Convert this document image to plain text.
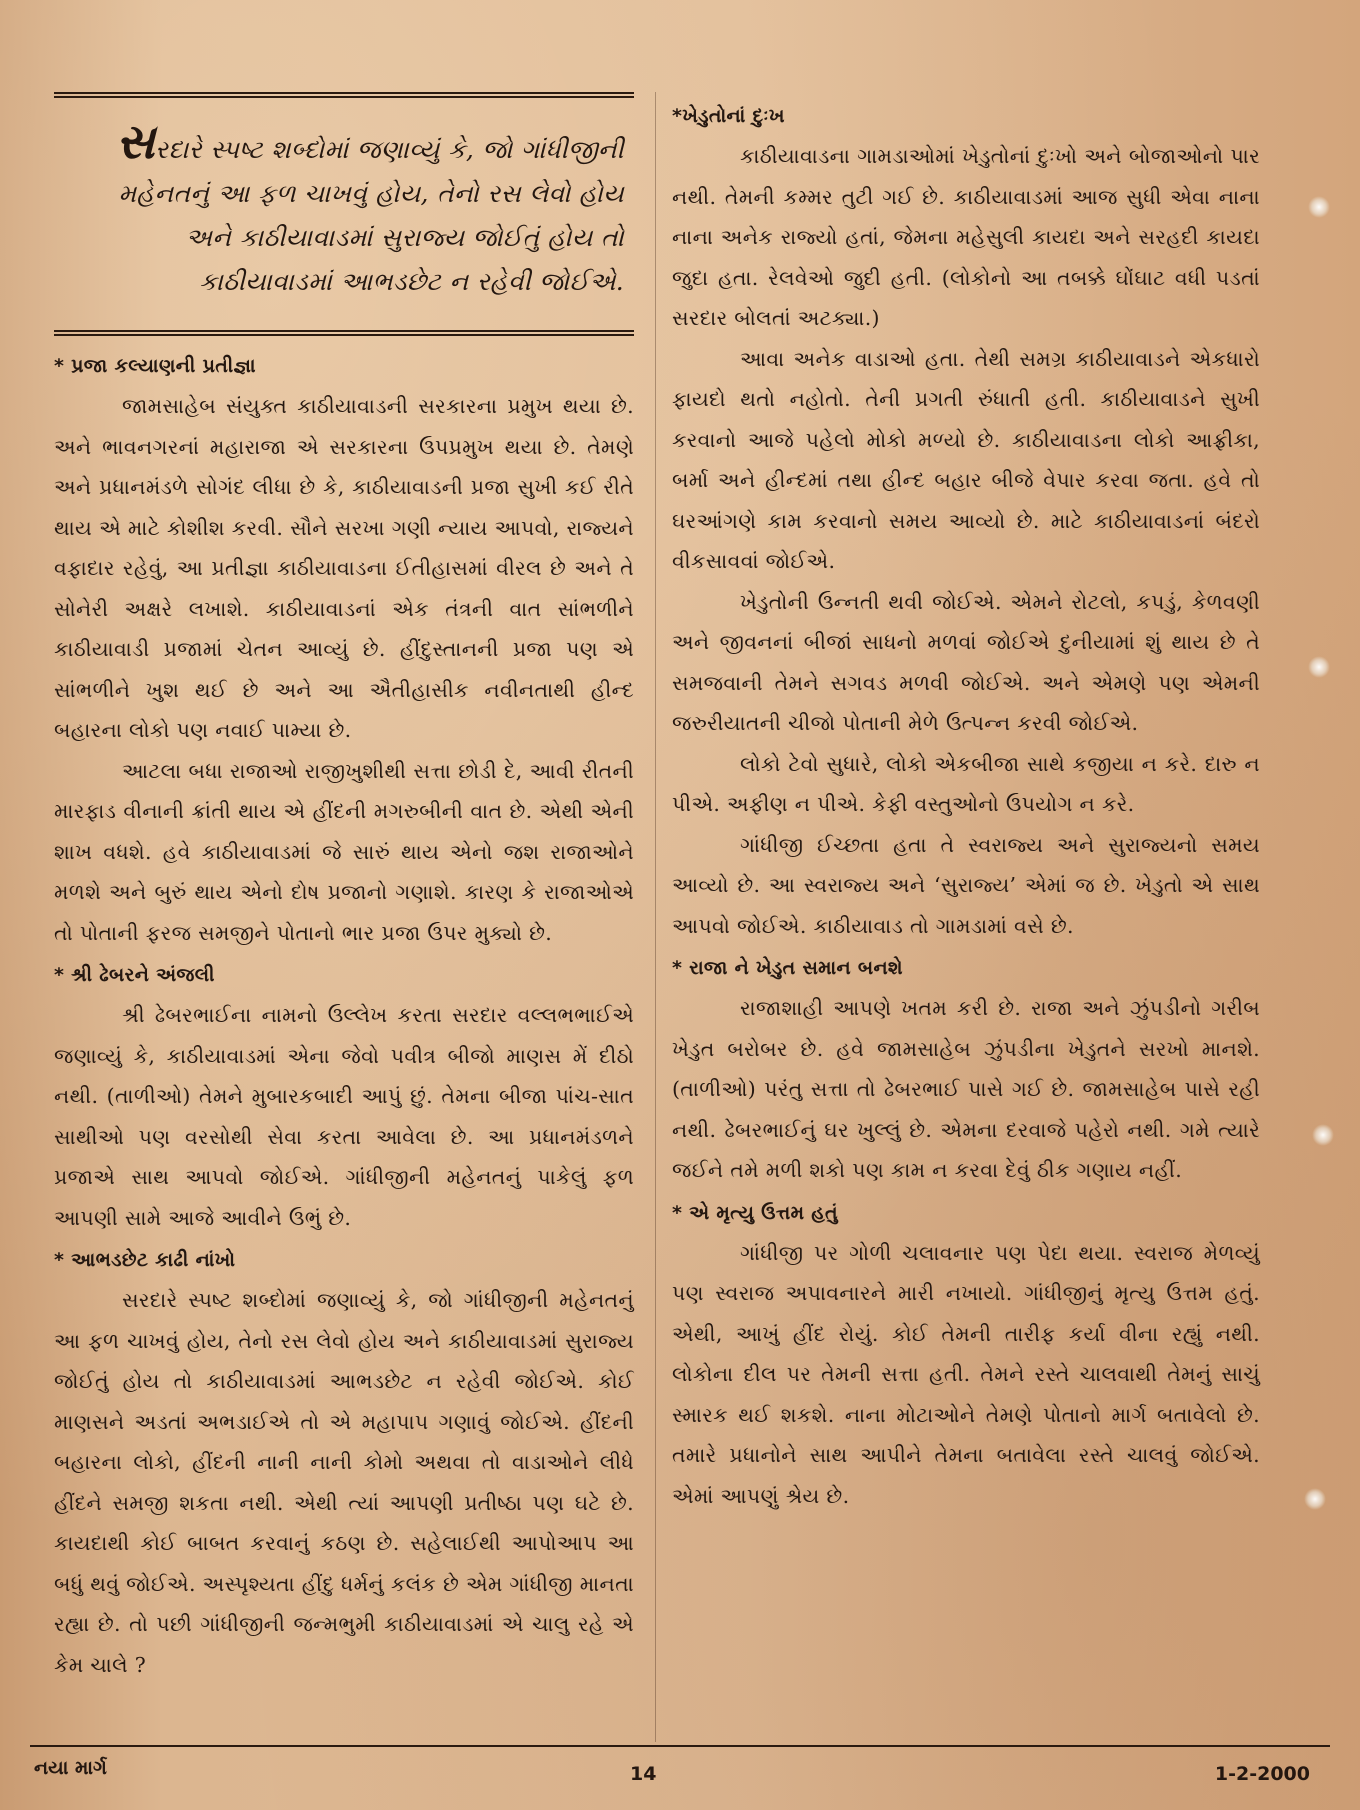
સરદારે સ્પષ્ટ શબ્દોમાં જણાવ્યું કે, જો ગાંધીજીની મહેનતનું આ ફળ ચાખવું હોય, તેનો રસ લેવો હોય અને કાઠીયાવાડમાં સુરાજ્ય જોઈતું હોય તો કાઠીયાવાડમાં આભડછેટ ન રહેવી જોઈએ.
* પ્રજા કલ્યાણની પ્રતીજ્ઞા

જામસાહેબ સંયુક્ત કાઠીયાવાડની સરકારના પ્રમુખ થયા છે. અને ભાવનગરનાં મહારાજા એ સરકારના ઉપપ્રમુખ થયા છે. તેમણે અને પ્રધાનમંડળે સોગંદ લીધા છે કે, કાઠીયાવાડની પ્રજા સુખી કઈ રીતે થાય એ માટે કોશીશ કરવી. સૌને સરખા ગણી ન્યાય આપવો, રાજ્યને વફાદાર રહેવું, આ પ્રતીજ્ઞા કાઠીયાવાડના ઈતીહાસમાં વીરલ છે અને તે સોનેરી અક્ષરે લખાશે. કાઠીયાવાડનાં એક તંત્રની વાત સાંભળીને કાઠીયાવાડી પ્રજામાં ચેતન આવ્યું છે. હીંદુસ્તાનની પ્રજા પણ એ સાંભળીને ખુશ થઈ છે અને આ ઐતીહાસીક નવીનતાથી હીન્દ બહારના લોકો પણ નવાઈ પામ્યા છે.

આટલા બધા રાજાઓ રાજીખુશીથી સત્તા છોડી દે, આવી રીતની મારફાડ વીનાની ક્રાંતી થાય એ હીંદની મગરુબીની વાત છે. એથી એની શાખ વધશે. હવે કાઠીયાવાડમાં જે સારું થાય એનો જશ રાજાઓને મળશે અને બુરું થાય એનો દોષ પ્રજાનો ગણાશે. કારણ કે રાજાઓએ તો પોતાની ફરજ સમજીને પોતાનો ભાર પ્રજા ઉપર મુક્યો છે.

* શ્રી ઢેબરને અંજલી

શ્રી ઢેબરભાઈના નામનો ઉલ્લેખ કરતા સરદાર વલ્લભભાઈએ જણાવ્યું કે, કાઠીયાવાડમાં એના જેવો પવીત્ર બીજો માણસ મેં દીઠો નથી. (તાળીઓ) તેમને મુબારકબાદી આપું છું. તેમના બીજા પાંચ-સાત સાથીઓ પણ વરસોથી સેવા કરતા આવેલા છે. આ પ્રધાનમંડળને પ્રજાએ સાથ આપવો જોઈએ. ગાંધીજીની મહેનતનું પાકેલું ફળ આપણી સામે આજે આવીને ઉભું છે.

* આભડછેટ કાઢી નાંખો

સરદારે સ્પષ્ટ શબ્દોમાં જણાવ્યું કે, જો ગાંધીજીની મહેનતનું આ ફળ ચાખવું હોય, તેનો રસ લેવો હોય અને કાઠીયાવાડમાં સુરાજ્ય જોઈતું હોય તો કાઠીયાવાડમાં આભડછેટ ન રહેવી જોઈએ. કોઈ માણસને અડતાં અભડાઈએ તો એ મહાપાપ ગણાવું જોઈએ. હીંદની બહારના લોકો, હીંદની નાની નાની કોમો અથવા તો વાડાઓને લીધે હીંદને સમજી શકતા નથી. એથી ત્યાં આપણી પ્રતીષ્ઠા પણ ઘટે છે. કાયદાથી કોઈ બાબત કરવાનું કઠણ છે. સહેલાઈથી આપોઆપ આ બધું થવું જોઈએ. અસ્પૃશ્યતા હીંદુ ધર્મનું કલંક છે એમ ગાંધીજી માનતા રહ્યા છે. તો પછી ગાંધીજીની જન્મભુમી કાઠીયાવાડમાં એ ચાલુ રહે એ કેમ ચાલે ?

*ખેડુતોનાં દુઃખ

કાઠીયાવાડના ગામડાઓમાં ખેડુતોનાં દુઃખો અને બોજાઓનો પાર નથી. તેમની કમ્મર તુટી ગઈ છે. કાઠીયાવાડમાં આજ સુધી એવા નાના નાના અનેક રાજ્યો હતાં, જેમના મહેસુલી કાયદા અને સરહદી કાયદા જુદા હતા. રેલવેઓ જુદી હતી. (લોકોનો આ તબક્કે ઘોંઘાટ વધી પડતાં સરદાર બોલતાં અટક્યા.)

આવા અનેક વાડાઓ હતા. તેથી સમગ્ર કાઠીયાવાડને એકધારો ફાયદો થતો નહોતો. તેની પ્રગતી રુંધાતી હતી. કાઠીયાવાડને સુખી કરવાનો આજે પહેલો મોકો મળ્યો છે. કાઠીયાવાડના લોકો આફ્રીકા, બર્મા અને હીન્દમાં તથા હીન્દ બહાર બીજે વેપાર કરવા જતા. હવે તો ઘરઆંગણે કામ કરવાનો સમય આવ્યો છે. માટે કાઠીયાવાડનાં બંદરો વીકસાવવાં જોઈએ.

ખેડુતોની ઉન્નતી થવી જોઈએ. એમને રોટલો, કપડું, કેળવણી અને જીવનનાં બીજાં સાધનો મળવાં જોઈએ દુનીયામાં શું થાય છે તે સમજવાની તેમને સગવડ મળવી જોઈએ. અને એમણે પણ એમની જરુરીયાતની ચીજો પોતાની મેળે ઉત્પન્ન કરવી જોઈએ.

લોકો ટેવો સુધારે, લોકો એકબીજા સાથે કજીયા ન કરે. દારુ ન પીએ. અફીણ ન પીએ. કેફી વસ્તુઓનો ઉપયોગ ન કરે.

ગાંધીજી ઈચ્છતા હતા તે સ્વરાજ્ય અને સુરાજ્યનો સમય આવ્યો છે. આ સ્વરાજ્ય અને ‘સુરાજ્ય’ એમાં જ છે. ખેડુતો એ સાથ આપવો જોઈએ. કાઠીયાવાડ તો ગામડામાં વસે છે.

* રાજા ને ખેડુત સમાન બનશે

રાજાશાહી આપણે ખતમ કરી છે. રાજા અને ઝુંપડીનો ગરીબ ખેડુત બરોબર છે. હવે જામસાહેબ ઝુંપડીના ખેડુતને સરખો માનશે. (તાળીઓ) પરંતુ સત્તા તો ઢેબરભાઈ પાસે ગઈ છે. જામસાહેબ પાસે રહી નથી. ઢેબરભાઈનું ઘર ખુલ્લું છે. એમના દરવાજે પહેરો નથી. ગમે ત્યારે જઈને તમે મળી શકો પણ કામ ન કરવા દેવું ઠીક ગણાય નહીં.

* એ મૃત્યુ ઉત્તમ હતું

ગાંધીજી પર ગોળી ચલાવનાર પણ પેદા થયા. સ્વરાજ મેળવ્યું પણ સ્વરાજ અપાવનારને મારી નખાયો. ગાંધીજીનું મૃત્યુ ઉત્તમ હતું. એથી, આખું હીંદ રોયું. કોઈ તેમની તારીફ કર્યા વીના રહ્યું નથી. લોકોના દીલ પર તેમની સત્તા હતી. તેમને રસ્તે ચાલવાથી તેમનું સાચું સ્મારક થઈ શકશે. નાના મોટાઓને તેમણે પોતાનો માર્ગ બતાવેલો છે. તમારે પ્રધાનોને સાથ આપીને તેમના બતાવેલા રસ્તે ચાલવું જોઈએ. એમાં આપણું શ્રેય છે.

નયા માર્ગ	14	1-2-2000
